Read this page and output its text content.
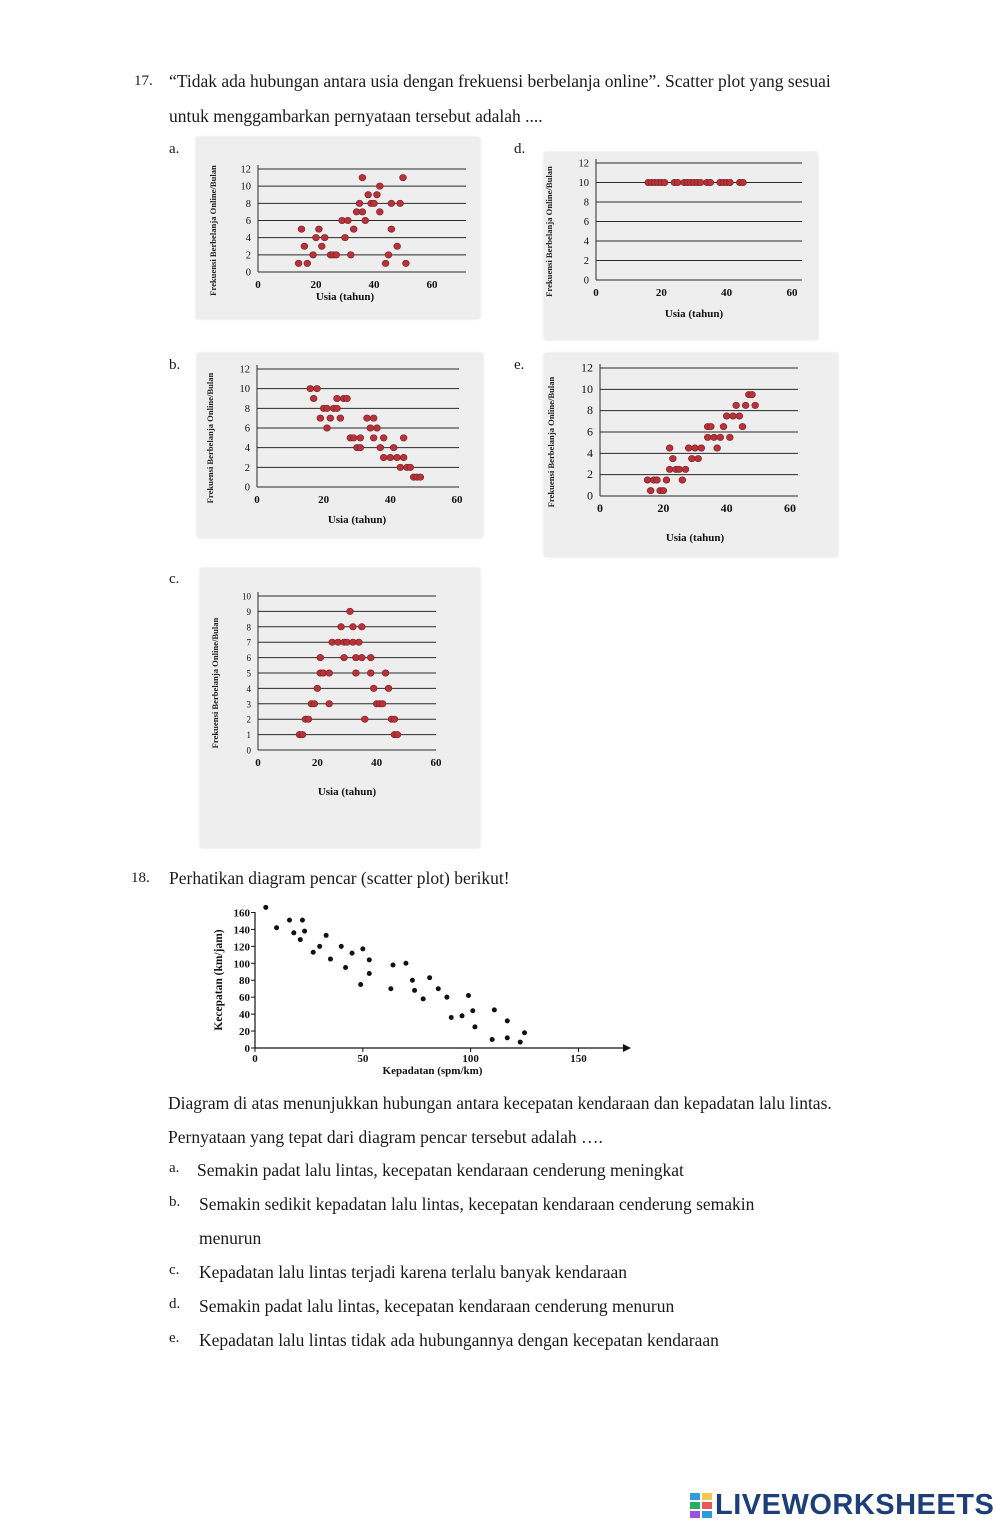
17. “Tidak ada hubungan antara usia dengan frekuensi berbelanja online”. Scatter plot yang sesuai
untuk menggambarkan pernyataan tersebut adalah ....
a.	d.
b.	e.
c.
0
2
4
6
8
10
12
0	20	40	60
Usia (tahun)
Frekuensi Berbelanja Online/Bulan	0
2
4
6
8
10
12
0	20	40	60
Usia (tahun)
Frekuensi Berbelanja Online/Bulan
0
2
4
6
8
10
12
0	20	40	60
Usia (tahun)
Frekuensi Berbelanja Online/Bulan	0
2
4
6
8
10
12
0	20	40	60
Usia (tahun)
Frekuensi Berbelanja Online/Bulan
0
1
2
3
4
5
6
7
8
9
10
0	20	40	60
Usia (tahun)
Frekuensi Berbelanja Online/Bulan
18. Perhatikan diagram pencar (scatter plot) berikut!
0
20
40
60
80
100
120
140
160
0	50	100	150
Kepadatan (spm/km)
Kecepatan (km/jam)
Diagram di atas menunjukkan hubungan antara kecepatan kendaraan dan kepadatan lalu lintas.
Pernyataan yang tepat dari diagram pencar tersebut adalah ….
a. Semakin padat lalu lintas, kecepatan kendaraan cenderung meningkat
b. Semakin sedikit kepadatan lalu lintas, kecepatan kendaraan cenderung semakin
menurun
c. Kepadatan lalu lintas terjadi karena terlalu banyak kendaraan
d. Semakin padat lalu lintas, kecepatan kendaraan cenderung menurun
e. Kepadatan lalu lintas tidak ada hubungannya dengan kecepatan kendaraan
LIVEWORKSHEETS
